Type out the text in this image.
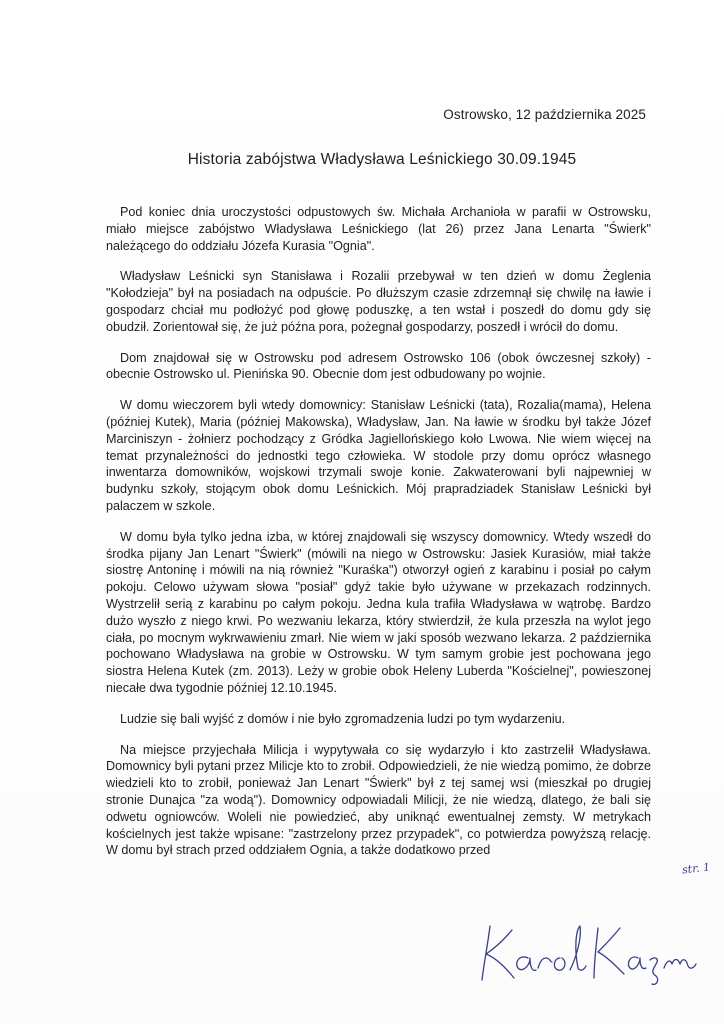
Ostrowsko, 12 października 2025
Historia zabójstwa Władysława Leśnickiego 30.09.1945

Pod koniec dnia uroczystości odpustowych św. Michała Archanioła w parafii w Ostrowsku, miało miejsce zabójstwo Władysława Leśnickiego (lat 26) przez Jana Lenarta "Świerk" należącego do oddziału Józefa Kurasia "Ognia".

Władysław Leśnicki syn Stanisława i Rozalii przebywał w ten dzień w domu Żeglenia "Kołodzieja" był na posiadach na odpuście. Po dłuższym czasie zdrzemnął się chwilę na ławie i gospodarz chciał mu podłożyć pod głowę poduszkę, a ten wstał i poszedł do domu gdy się obudził. Zorientował się, że już późna pora, pożegnał gospodarzy, poszedł i wrócił do domu.

Dom znajdował się w Ostrowsku pod adresem Ostrowsko 106 (obok ówczesnej szkoły) - obecnie Ostrowsko ul. Pienińska 90. Obecnie dom jest odbudowany po wojnie.

W domu wieczorem byli wtedy domownicy: Stanisław Leśnicki (tata), Rozalia(mama), Helena (później Kutek), Maria (później Makowska), Władysław, Jan. Na ławie w środku był także Józef Marciniszyn - żołnierz pochodzący z Gródka Jagiellońskiego koło Lwowa. Nie wiem więcej na temat przynależności do jednostki tego człowieka. W stodole przy domu oprócz własnego inwentarza domowników, wojskowi trzymali swoje konie. Zakwaterowani byli najpewniej w budynku szkoły, stojącym obok domu Leśnickich. Mój prapradziadek Stanisław Leśnicki był palaczem w szkole.

W domu była tylko jedna izba, w której znajdowali się wszyscy domownicy. Wtedy wszedł do środka pijany Jan Lenart "Świerk" (mówili na niego w Ostrowsku: Jasiek Kurasiów, miał także siostrę Antoninę i mówili na nią również "Kuraśka") otworzył ogień z karabinu i posiał po całym pokoju. Celowo używam słowa "posiał" gdyż takie było używane w przekazach rodzinnych. Wystrzelił serią z karabinu po całym pokoju. Jedna kula trafiła Władysława w wątrobę. Bardzo dużo wyszło z niego krwi. Po wezwaniu lekarza, który stwierdził, że kula przeszła na wylot jego ciała, po mocnym wykrwawieniu zmarł. Nie wiem w jaki sposób wezwano lekarza. 2 października pochowano Władysława na grobie w Ostrowsku. W tym samym grobie jest pochowana jego siostra Helena Kutek (zm. 2013). Leży w grobie obok Heleny Luberda "Kościelnej", powieszonej niecałe dwa tygodnie później 12.10.1945.

Ludzie się bali wyjść z domów i nie było zgromadzenia ludzi po tym wydarzeniu.

Na miejsce przyjechała Milicja i wypytywała co się wydarzyło i kto zastrzelił Władysława. Domownicy byli pytani przez Milicje kto to zrobił. Odpowiedzieli, że nie wiedzą pomimo, że dobrze wiedzieli kto to zrobił, ponieważ Jan Lenart "Świerk" był z tej samej wsi (mieszkał po drugiej stronie Dunajca "za wodą"). Domownicy odpowiadali Milicji, że nie wiedzą, dlatego, że bali się odwetu ogniowców. Woleli nie powiedzieć, aby uniknąć ewentualnej zemsty. W metrykach kościelnych jest także wpisane: "zastrzelony przez przypadek", co potwierdza powyższą relację. W domu był strach przed oddziałem Ognia, a także dodatkowo przed

str. 1
